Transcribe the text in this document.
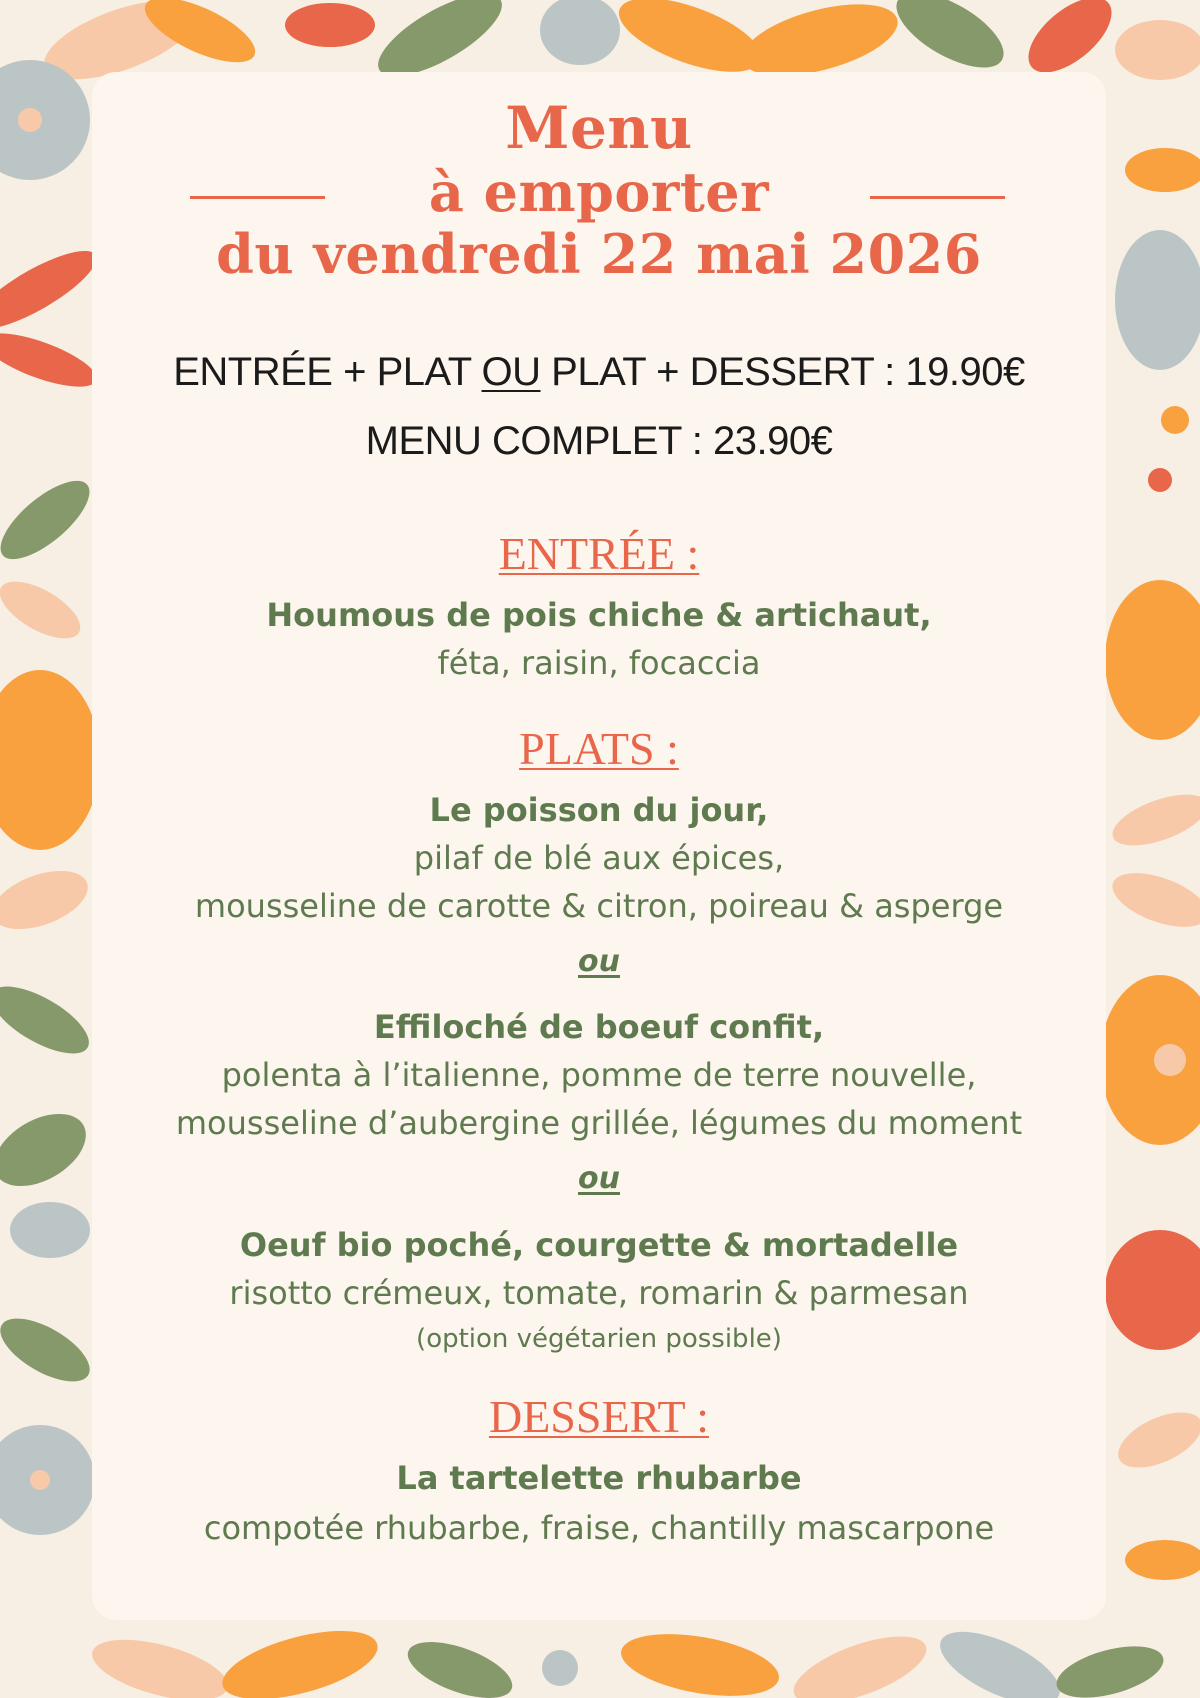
Menu
à emporter
du vendredi 22 mai 2026
ENTRÉE + PLAT OU PLAT + DESSERT : 19.90€
MENU COMPLET : 23.90€
ENTRÉE :
Houmous de pois chiche & artichaut,
féta, raisin, focaccia
PLATS :
Le poisson du jour,
pilaf de blé aux épices,
mousseline de carotte & citron, poireau & asperge
ou
Effiloché de boeuf confit,
polenta à l’italienne, pomme de terre nouvelle,
mousseline d’aubergine grillée, légumes du moment
ou
Oeuf bio poché, courgette & mortadelle
risotto crémeux, tomate, romarin & parmesan
(option végétarien possible)
DESSERT :
La tartelette rhubarbe
compotée rhubarbe, fraise, chantilly mascarpone
